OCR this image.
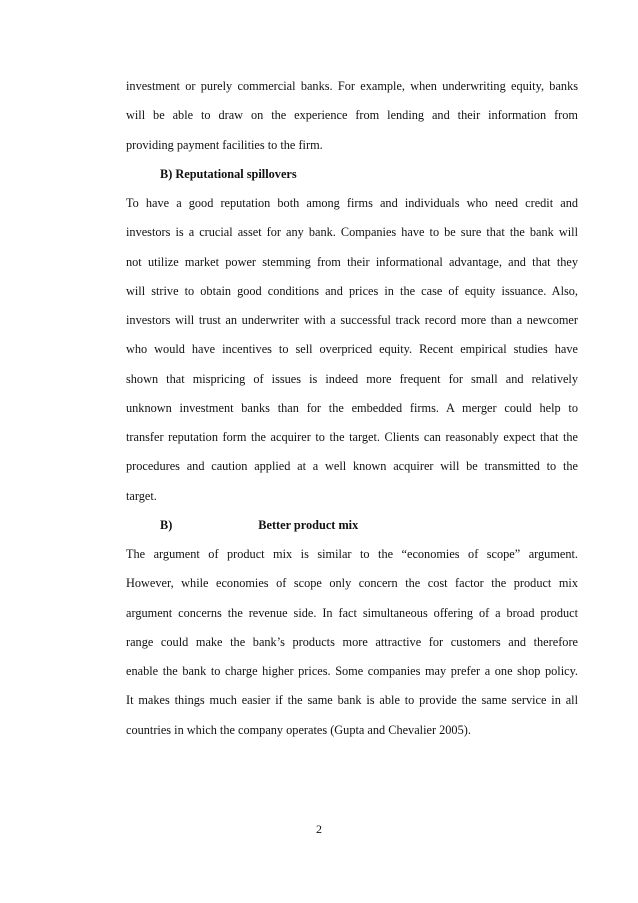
investment or purely commercial banks. For example, when underwriting equity, banks
will be able to draw on the experience from lending and their information from
providing payment facilities to the firm.
B) Reputational spillovers
To have a good reputation both among firms and individuals who need credit and
investors is a crucial asset for any bank. Companies have to be sure that the bank will
not utilize market power stemming from their informational advantage, and that they
will strive to obtain good conditions and prices in the case of equity issuance. Also,
investors will trust an underwriter with a successful track record more than a newcomer
who would have incentives to sell overpriced equity. Recent empirical studies have
shown that mispricing of issues is indeed more frequent for small and relatively
unknown investment banks than for the embedded firms. A merger could help to
transfer reputation form the acquirer to the target. Clients can reasonably expect that the
procedures and caution applied at a well known acquirer will be transmitted to the
target.
B)	Better product mix
The argument of product mix is similar to the “economies of scope” argument.
However, while economies of scope only concern the cost factor the product mix
argument concerns the revenue side. In fact simultaneous offering of a broad product
range could make the bank’s products more attractive for customers and therefore
enable the bank to charge higher prices. Some companies may prefer a one shop policy.
It makes things much easier if the same bank is able to provide the same service in all
countries in which the company operates (Gupta and Chevalier 2005).
2
